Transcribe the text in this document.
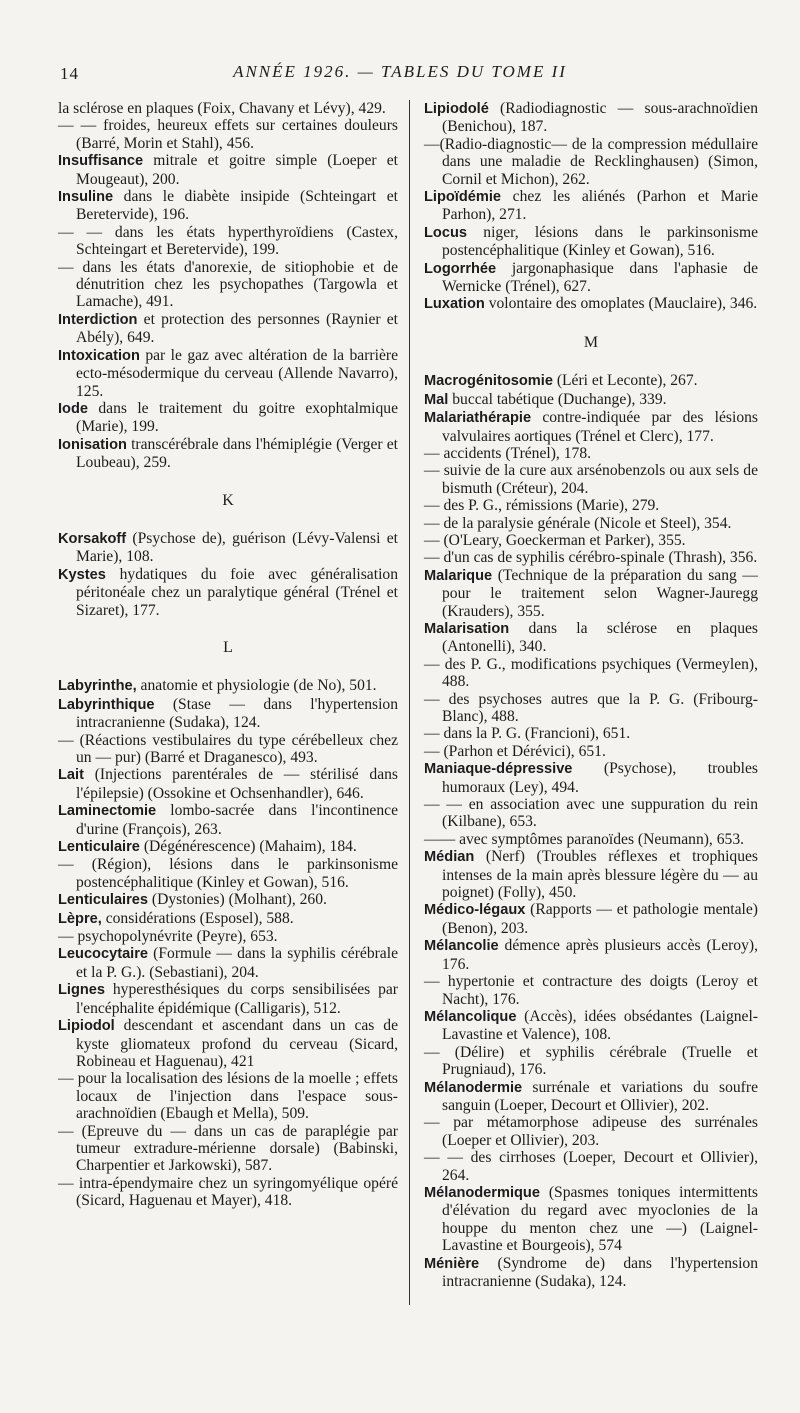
14	ANNÉE 1926. — TABLES DU TOME II

la sclérose en plaques (Foix, Chavany et Lévy), 429.

— — froides, heureux effets sur certaines douleurs (Barré, Morin et Stahl), 456.

Insuffisance mitrale et goitre simple (Loeper et Mougeaut), 200.

Insuline dans le diabète insipide (Schteingart et Beretervide), 196.

— — dans les états hyperthyroïdiens (Castex, Schteingart et Beretervide), 199.

— dans les états d'anorexie, de sitiophobie et de dénutrition chez les psychopathes (Targowla et Lamache), 491.

Interdiction et protection des personnes (Raynier et Abély), 649.

Intoxication par le gaz avec altération de la barrière ecto-mésodermique du cerveau (Allende Navarro), 125.

Iode dans le traitement du goitre exophtalmique (Marie), 199.

Ionisation transcérébrale dans l'hémiplégie (Verger et Loubeau), 259.

K

Korsakoff (Psychose de), guérison (Lévy-Valensi et Marie), 108.

Kystes hydatiques du foie avec généralisation péritonéale chez un paralytique général (Trénel et Sizaret), 177.

L

Labyrinthe, anatomie et physiologie (de No), 501.

Labyrinthique (Stase — dans l'hypertension intracranienne (Sudaka), 124.

— (Réactions vestibulaires du type cérébelleux chez un — pur) (Barré et Draganesco), 493.

Lait (Injections parentérales de — stérilisé dans l'épilepsie) (Ossokine et Ochsenhandler), 646.

Laminectomie lombo-sacrée dans l'incontinence d'urine (François), 263.

Lenticulaire (Dégénérescence) (Mahaim), 184.

— (Région), lésions dans le parkinsonisme postencéphalitique (Kinley et Gowan), 516.

Lenticulaires (Dystonies) (Molhant), 260.

Lèpre, considérations (Esposel), 588.

— psychopolynévrite (Peyre), 653.

Leucocytaire (Formule — dans la syphilis cérébrale et la P. G.). (Sebastiani), 204.

Lignes hyperesthésiques du corps sensibilisées par l'encéphalite épidémique (Calligaris), 512.

Lipiodol descendant et ascendant dans un cas de kyste gliomateux profond du cerveau (Sicard, Robineau et Haguenau), 421

— pour la localisation des lésions de la moelle ; effets locaux de l'injection dans l'espace sous-arachnoïdien (Ebaugh et Mella), 509.

— (Epreuve du — dans un cas de paraplégie par tumeur extradure-mérienne dorsale) (Babinski, Charpentier et Jarkowski), 587.

— intra-épendymaire chez un syringomyélique opéré (Sicard, Haguenau et Mayer), 418.

Lipiodolé (Radiodiagnostic — sous-arachnoïdien (Benichou), 187.

—(Radio-diagnostic— de la compression médullaire dans une maladie de Recklinghausen) (Simon, Cornil et Michon), 262.

Lipoïdémie chez les aliénés (Parhon et Marie Parhon), 271.

Locus niger, lésions dans le parkinsonisme postencéphalitique (Kinley et Gowan), 516.

Logorrhée jargonaphasique dans l'aphasie de Wernicke (Trénel), 627.

Luxation volontaire des omoplates (Mauclaire), 346.

M

Macrogénitosomie (Léri et Leconte), 267.

Mal buccal tabétique (Duchange), 339.

Malariathérapie contre-indiquée par des lésions valvulaires aortiques (Trénel et Clerc), 177.

— accidents (Trénel), 178.

— suivie de la cure aux arsénobenzols ou aux sels de bismuth (Créteur), 204.

— des P. G., rémissions (Marie), 279.

— de la paralysie générale (Nicole et Steel), 354.

— (O'Leary, Goeckerman et Parker), 355.

— d'un cas de syphilis cérébro-spinale (Thrash), 356.

Malarique (Technique de la préparation du sang — pour le traitement selon Wagner-Jauregg (Krauders), 355.

Malarisation dans la sclérose en plaques (Antonelli), 340.

— des P. G., modifications psychiques (Vermeylen), 488.

— des psychoses autres que la P. G. (Fribourg-Blanc), 488.

— dans la P. G. (Francioni), 651.

— (Parhon et Dérévici), 651.

Maniaque-dépressive (Psychose), troubles humoraux (Ley), 494.

— — en association avec une suppuration du rein (Kilbane), 653.

—— avec symptômes paranoïdes (Neumann), 653.

Médian (Nerf) (Troubles réflexes et trophiques intenses de la main après blessure légère du — au poignet) (Folly), 450.

Médico-légaux (Rapports — et pathologie mentale) (Benon), 203.

Mélancolie démence après plusieurs accès (Leroy), 176.

— hypertonie et contracture des doigts (Leroy et Nacht), 176.

Mélancolique (Accès), idées obsédantes (Laignel-Lavastine et Valence), 108.

— (Délire) et syphilis cérébrale (Truelle et Prugniaud), 176.

Mélanodermie surrénale et variations du soufre sanguin (Loeper, Decourt et Ollivier), 202.

— par métamorphose adipeuse des surrénales (Loeper et Ollivier), 203.

— — des cirrhoses (Loeper, Decourt et Ollivier), 264.

Mélanodermique (Spasmes toniques intermittents d'élévation du regard avec myoclonies de la houppe du menton chez une —) (Laignel-Lavastine et Bourgeois), 574

Ménière (Syndrome de) dans l'hypertension intracranienne (Sudaka), 124.
